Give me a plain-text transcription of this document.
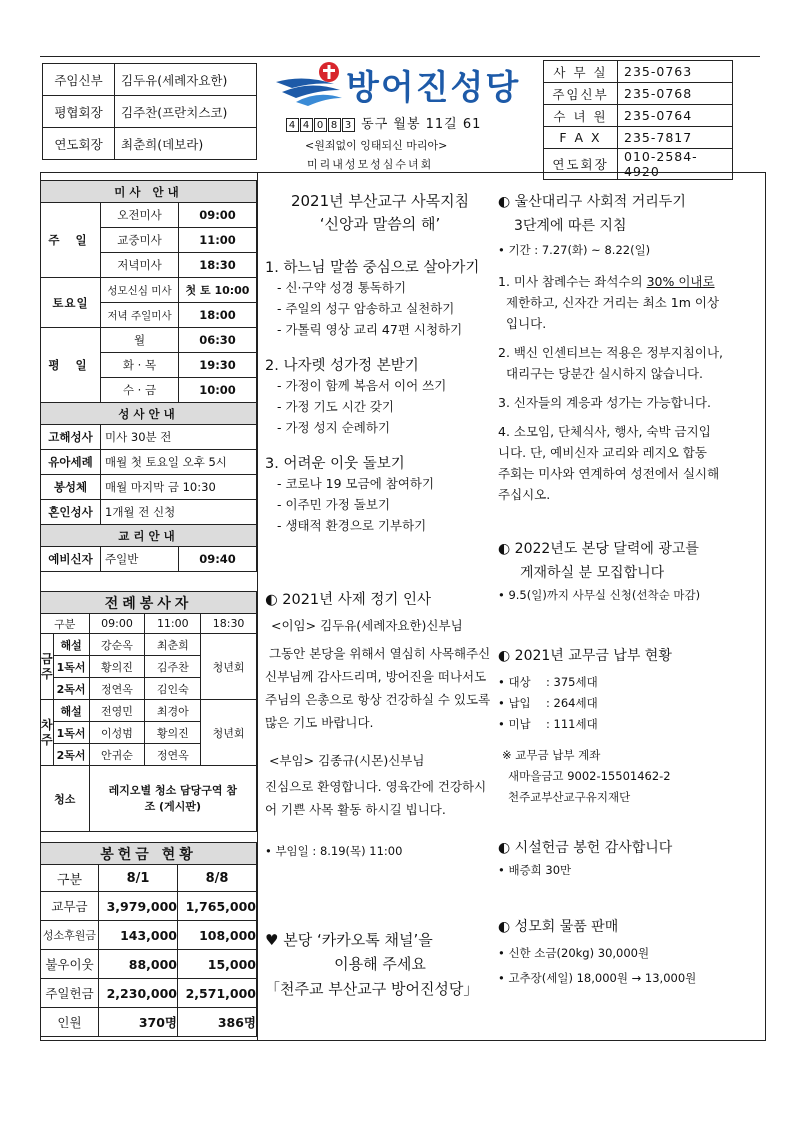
주임신부	김두유(세례자요한)
평협회장	김주찬(프란치스코)
연도회장	최춘희(데보라)
방어진성당
4 4 0 8 3 동구 월봉 11길 61
<원죄없이 잉태되신 마리아>
미리내성모성심수녀회
사 무 실	235-0763
주임신부	235-0768
수 녀 원	235-0764
F A X	235-7817
연도회장	010-2584-4920
미사 안내		
주 일	오전미사	09:00
	교중미사	11:00
	저녁미사	18:30
토요일	성모신심 미사	첫 토 10:00
	저녁 주일미사	18:00
평 일	월	06:30
	화 · 목	19:30
	수 · 금	10:00
성사안내		
고해성사	미사 30분 전	
유아세례	매월 첫 토요일 오후 5시	
봉성체	매월 마지막 금 10:30	
혼인성사	1개월 전 신청	
교리안내		
예비신자	주일반	09:40
전례봉사자				
구분		09:00	11:00	18:30
금주	해설	강순옥	최춘희	청년회
	1독서	황의진	김주찬	
	2독서	정연옥	김인숙	
차주	해설	전영민	최경아	청년회
	1독서	이성범	황의진	
	2독서	안귀순	정연옥	
청소		레지오별 청소 담당구역 참조 (게시판)		
봉헌금 현황		
구분	8/1	8/8
교무금	3,979,000	1,765,000
성소후원금	143,000	108,000
불우이웃	88,000	15,000
주일헌금	2,230,000	2,571,000
인원	370명	386명
2021년 부산교구 사목지침
‘신앙과 말씀의 해’
1. 하느님 말씀 중심으로 살아가기
- 신·구약 성경 통독하기
- 주일의 성구 암송하고 실천하기
- 가톨릭 영상 교리 47편 시청하기
2. 나자렛 성가정 본받기
- 가정이 함께 복음서 이어 쓰기
- 가정 기도 시간 갖기
- 가정 성지 순례하기
3. 어려운 이웃 돌보기
- 코로나 19 모금에 참여하기
- 이주민 가정 돌보기
- 생태적 환경으로 기부하기
◐ 2021년 사제 정기 인사
<이임> 김두유(세례자요한)신부님
그동안 본당을 위해서 열심히 사목해주신
신부님께 감사드리며, 방어진을 떠나서도
주님의 은총으로 항상 건강하실 수 있도록
많은 기도 바랍니다.
<부임> 김종규(시몬)신부님
진심으로 환영합니다. 영육간에 건강하시
어 기쁜 사목 활동 하시길 빕니다.
• 부임일 : 8.19(목) 11:00
♥ 본당 ‘카카오톡 채널’을
이용해 주세요
「천주교 부산교구 방어진성당」
◐ 울산대리구 사회적 거리두기
3단계에 따른 지침
• 기간 : 7.27(화) ~ 8.22(일)
1. 미사 참례수는 좌석수의 30% 이내로
제한하고, 신자간 거리는 최소 1m 이상
입니다.
2. 백신 인센티브는 적용은 정부지침이나,
대리구는 당분간 실시하지 않습니다.
3. 신자들의 계응과 성가는 가능합니다.
4. 소모임, 단체식사, 행사, 숙박 금지입
니다. 단, 예비신자 교리와 레지오 합동
주회는 미사와 연계하여 성전에서 실시해
주십시오.
◐ 2022년도 본당 달력에 광고를
게재하실 분 모집합니다
• 9.5(일)까지 사무실 신청(선착순 마감)
◐ 2021년 교무금 납부 현황
• 대상 : 375세대
• 납입 : 264세대
• 미납 : 111세대
※ 교무금 납부 계좌
새마을금고 9002-15501462-2
천주교부산교구유지재단
◐ 시설헌금 봉헌 감사합니다
• 배증희 30만
◐ 성모회 물품 판매
• 신한 소금(20kg) 30,000원
• 고추장(세일) 18,000원 → 13,000원
